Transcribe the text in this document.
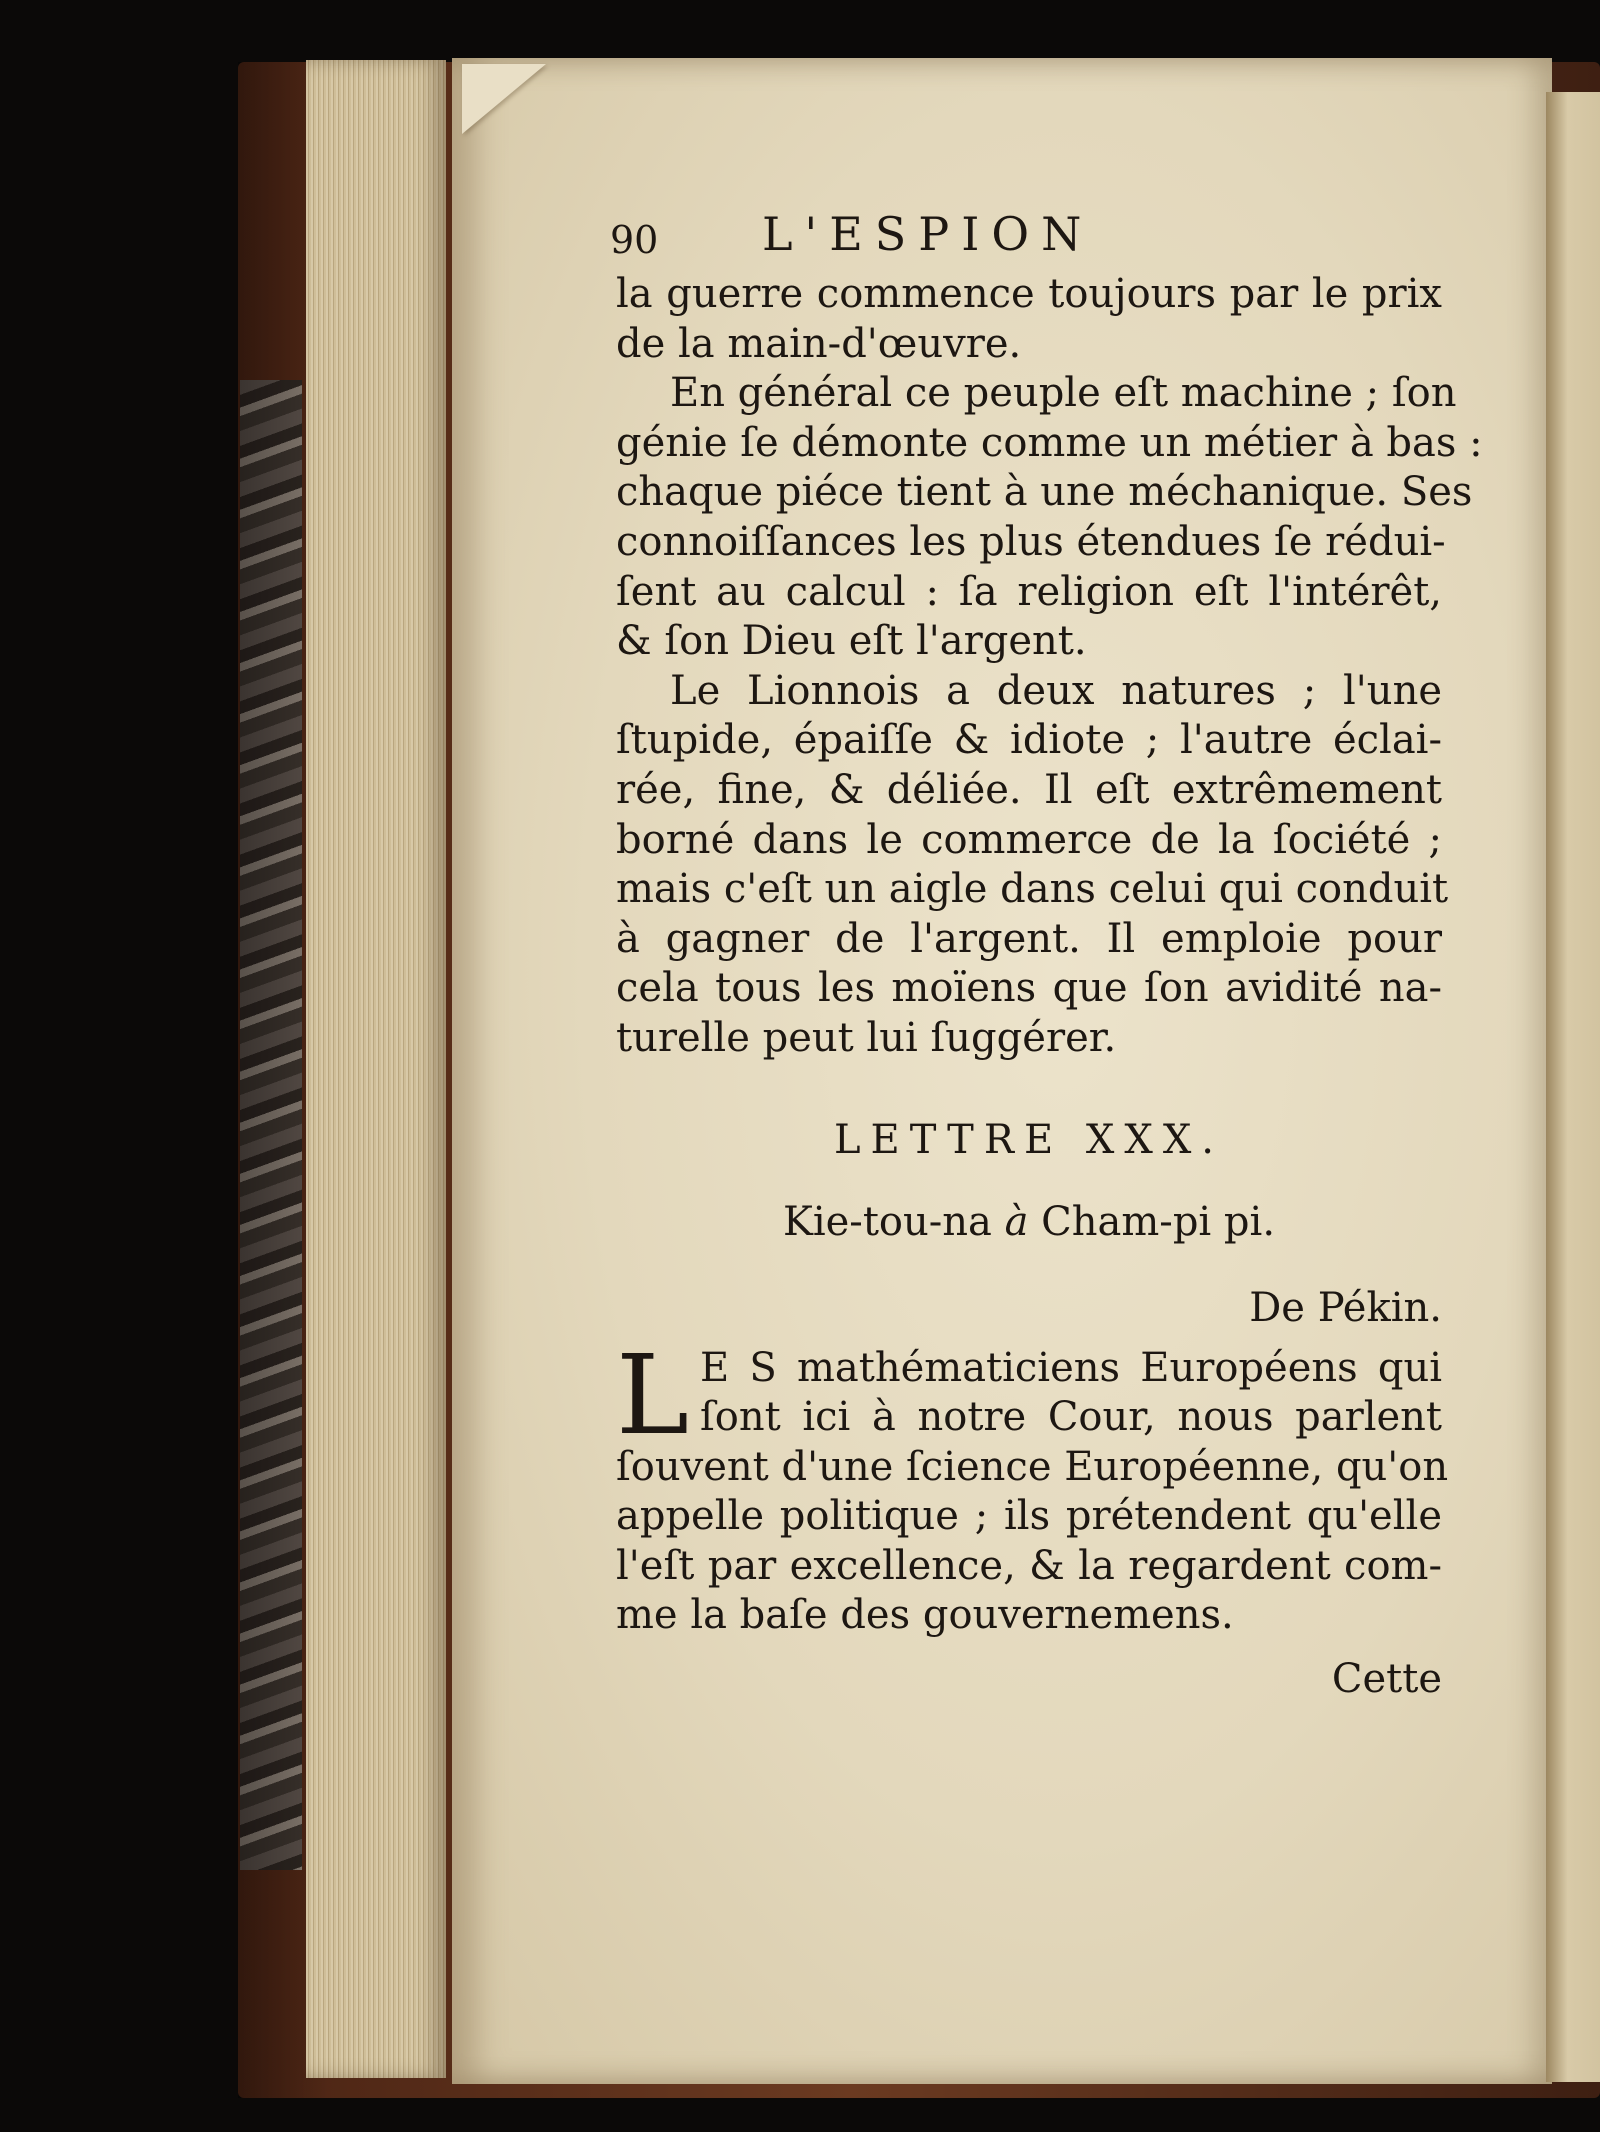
90 L'ESPION
la guerre commence toujours par le prix
de la main-d'œuvre.
En général ce peuple eſt machine ; ſon
génie ſe démonte comme un métier à bas :
chaque piéce tient à une méchanique. Ses
connoiſſances les plus étendues ſe rédui-
ſent au calcul : ſa religion eſt l'intérêt,
& ſon Dieu eſt l'argent.
Le Lionnois a deux natures ; l'une
ſtupide, épaiſſe & idiote ; l'autre éclai-
rée, fine, & déliée. Il eſt extrêmement
borné dans le commerce de la ſociété ;
mais c'eſt un aigle dans celui qui conduit
à gagner de l'argent. Il emploie pour
cela tous les moïens que ſon avidité na-
turelle peut lui ſuggérer.
LETTRE XXX.
Kie-tou-na à Cham-pi pi.
De Pékin.
L E S mathématiciens Européens qui
ſont ici à notre Cour, nous parlent
ſouvent d'une ſcience Européenne, qu'on
appelle politique ; ils prétendent qu'elle
l'eſt par excellence, & la regardent com-
me la baſe des gouvernemens.
Cette
